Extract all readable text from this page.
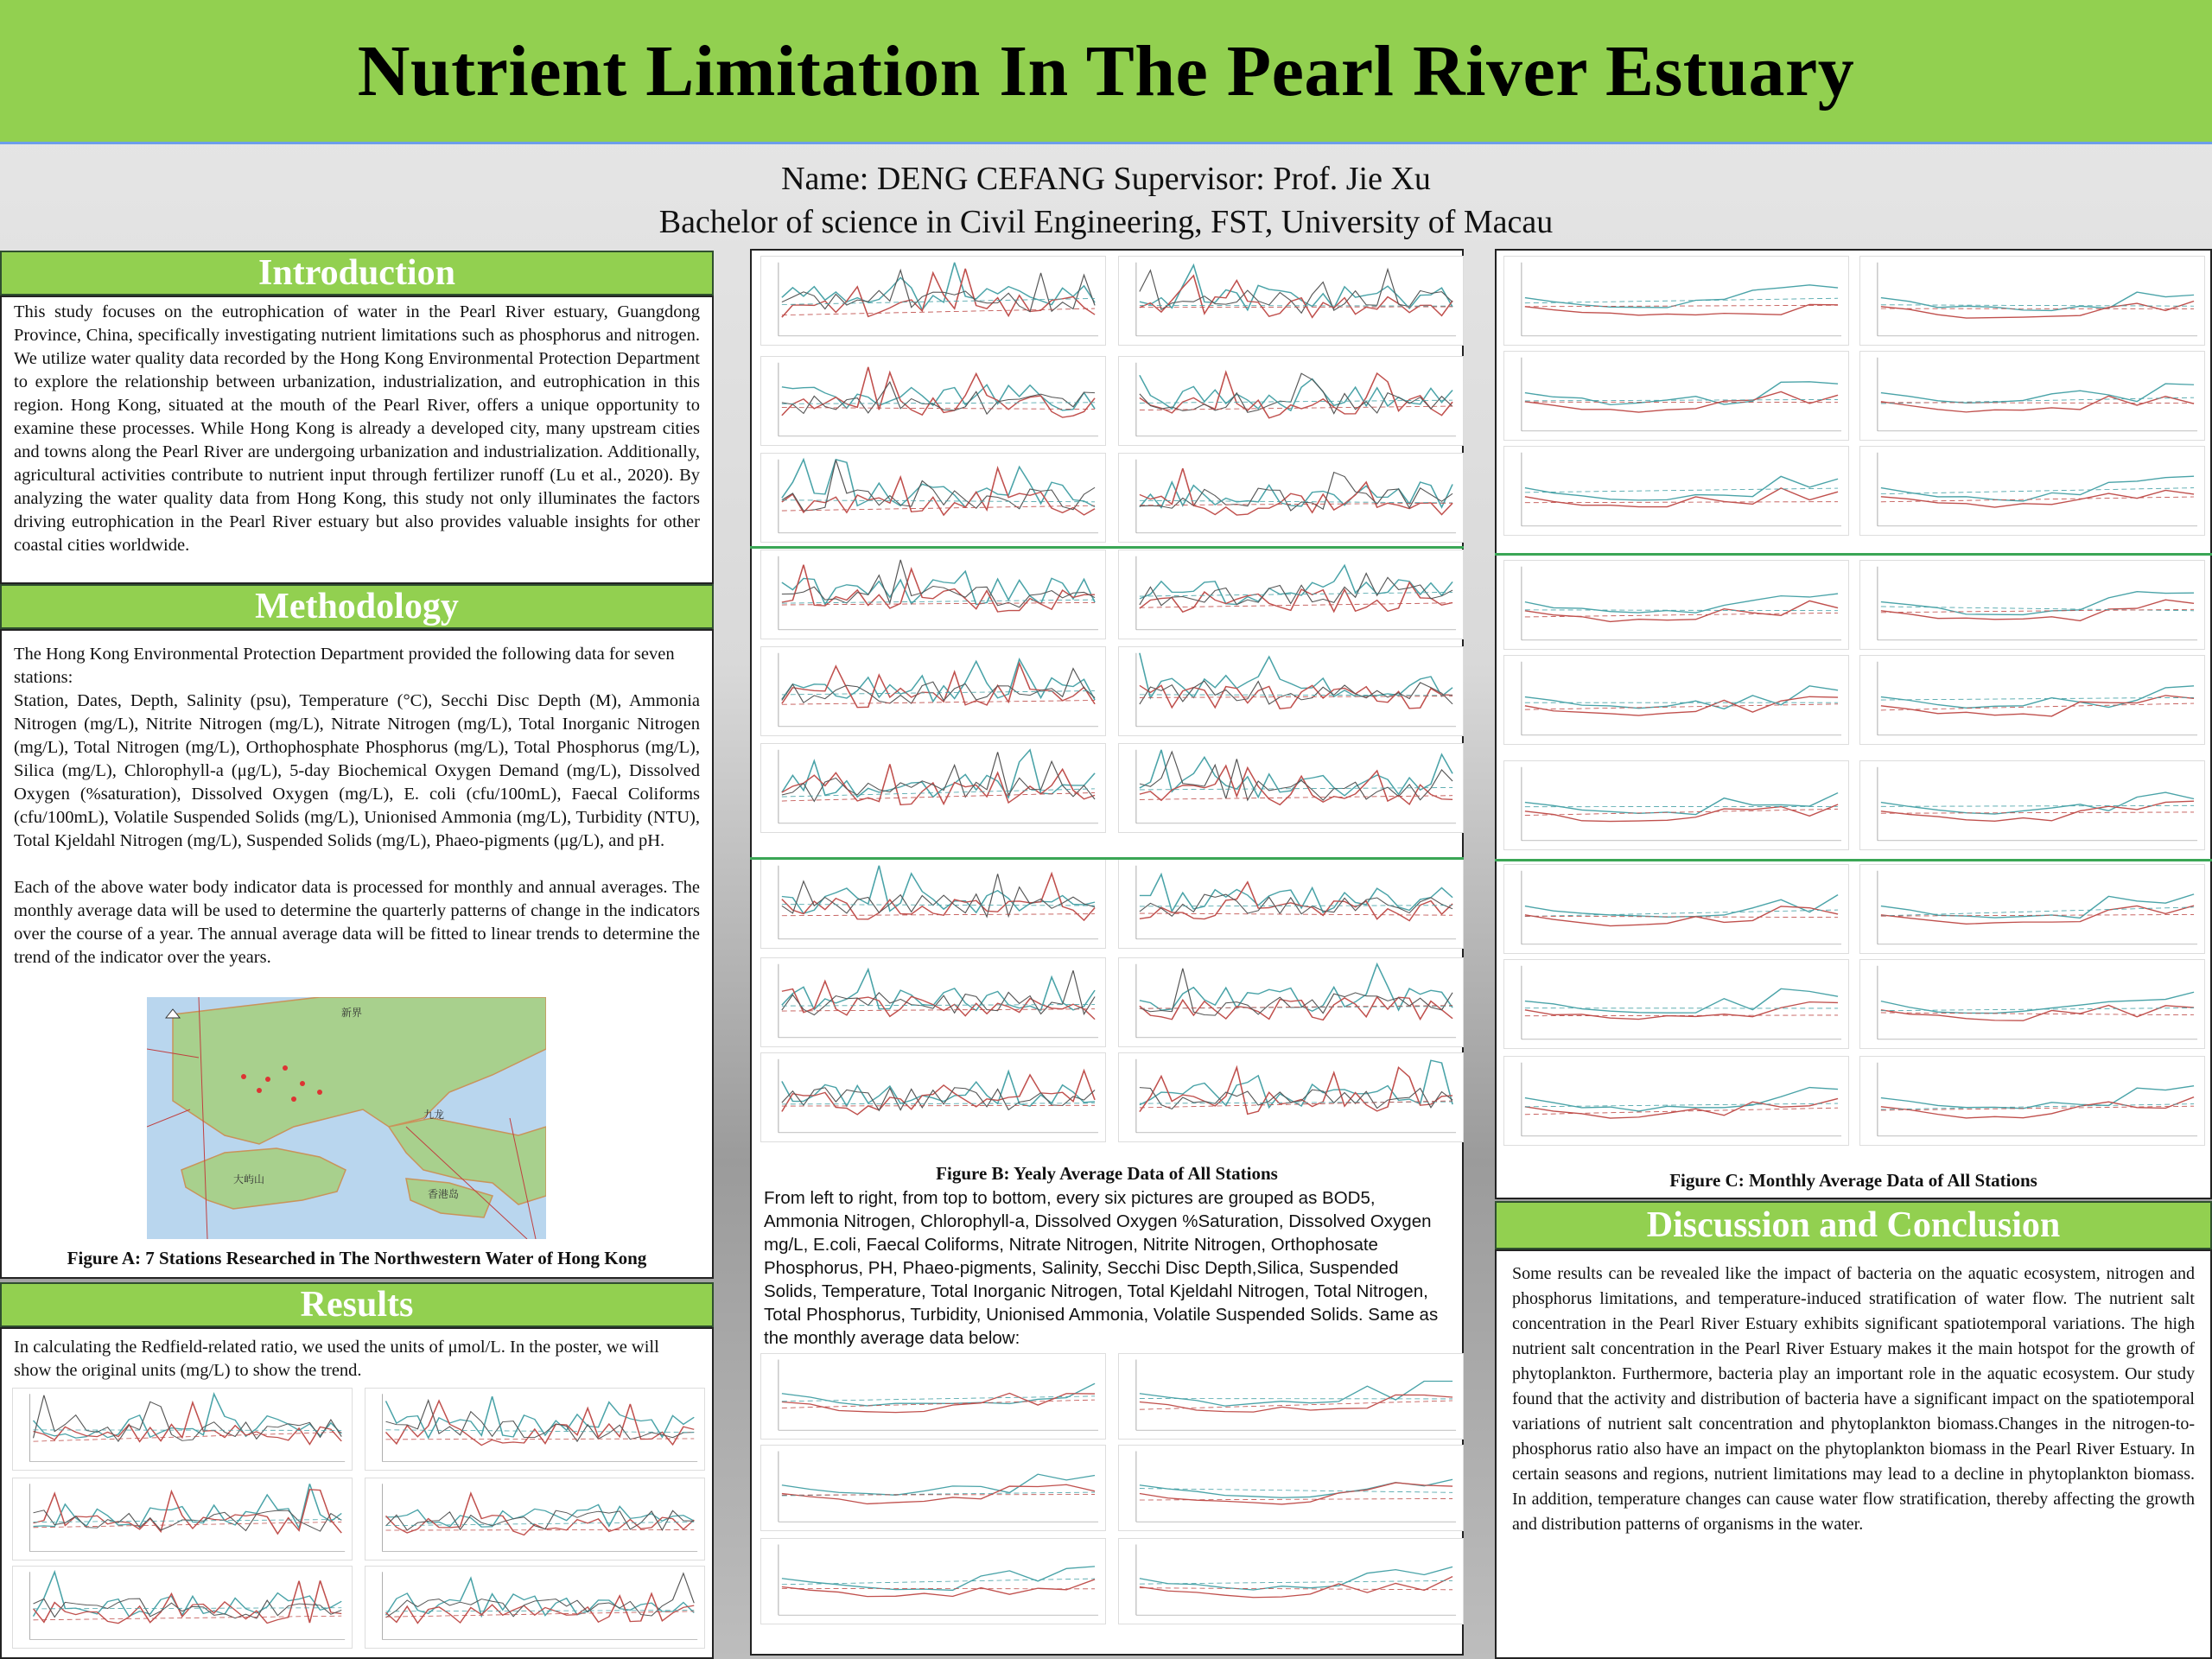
Nutrient Limitation In The Pearl River Estuary
Name: DENG CEFANG Supervisor: Prof. Jie Xu
Bachelor of science in Civil Engineering, FST, University of Macau
Introduction

This study focuses on the eutrophication of water in the Pearl River estuary, Guangdong Province, China, specifically investigating nutrient limitations such as phosphorus and nitrogen. We utilize water quality data recorded by the Hong Kong Environmental Protection Department to explore the relationship between urbanization, industrialization, and eutrophication in this region. Hong Kong, situated at the mouth of the Pearl River, offers a unique opportunity to examine these processes. While Hong Kong is already a developed city, many upstream cities and towns along the Pearl River are undergoing urbanization and industrialization. Additionally, agricultural activities contribute to nutrient input through fertilizer runoff (Lu et al., 2020). By analyzing the water quality data from Hong Kong, this study not only illuminates the factors driving eutrophication in the Pearl River estuary but also provides valuable insights for other coastal cities worldwide.

Methodology

The Hong Kong Environmental Protection Department provided the following data for seven stations:

Station, Dates, Depth, Salinity (psu), Temperature (°C), Secchi Disc Depth (M), Ammonia Nitrogen (mg/L), Nitrite Nitrogen (mg/L), Nitrate Nitrogen (mg/L), Total Inorganic Nitrogen (mg/L), Total Nitrogen (mg/L), Orthophosphate Phosphorus (mg/L), Total Phosphorus (mg/L), Silica (mg/L), Chlorophyll-a (μg/L), 5-day Biochemical Oxygen Demand (mg/L), Dissolved Oxygen (%saturation), Dissolved Oxygen (mg/L), E. coli (cfu/100mL), Faecal Coliforms (cfu/100mL), Volatile Suspended Solids (mg/L), Unionised Ammonia (mg/L), Turbidity (NTU), Total Kjeldahl Nitrogen (mg/L), Suspended Solids (mg/L), Phaeo-pigments (μg/L), and pH.

Each of the above water body indicator data is processed for monthly and annual averages. The monthly average data will be used to determine the quarterly patterns of change in the indicators over the course of a year. The annual average data will be fitted to linear trends to determine the trend of the indicator over the years.

新界
九龙
大屿山
香港岛
Figure A: 7 Stations Researched in The Northwestern Water of Hong Kong
Results

In calculating the Redfield-related ratio, we used the units of μmol/L. In the poster, we will show the original units (mg/L) to show the trend.

Figure C: Monthly Average Data of All Stations
Discussion and Conclusion

Some results can be revealed like the impact of bacteria on the aquatic ecosystem, nitrogen and phosphorus limitations, and temperature-induced stratification of water flow. The nutrient salt concentration in the Pearl River Estuary exhibits significant spatiotemporal variations. The high nutrient salt concentration in the Pearl River Estuary makes it the main hotspot for the growth of phytoplankton. Furthermore, bacteria play an important role in the aquatic ecosystem. Our study found that the activity and distribution of bacteria have a significant impact on the spatiotemporal variations of nutrient salt concentration and phytoplankton biomass.Changes in the nitrogen-to-phosphorus ratio also have an impact on the phytoplankton biomass in the Pearl River Estuary. In certain seasons and regions, nutrient limitations may lead to a decline in phytoplankton biomass. In addition, temperature changes can cause water flow stratification, thereby affecting the growth and distribution patterns of organisms in the water.

Figure B: Yealy Average Data of All Stations
From left to right, from top to bottom, every six pictures are grouped as BOD5, Ammonia Nitrogen, Chlorophyll-a, Dissolved Oxygen %Saturation, Dissolved Oxygen mg/L, E.coli, Faecal Coliforms, Nitrate Nitrogen, Nitrite Nitrogen, Orthophosate Phosphorus, PH, Phaeo-pigments, Salinity, Secchi Disc Depth,Silica, Suspended Solids, Temperature, Total Inorganic Nitrogen, Total Kjeldahl Nitrogen, Total Nitrogen, Total Phosphorus, Turbidity, Unionised Ammonia, Volatile Suspended Solids. Same as the monthly average data below:
